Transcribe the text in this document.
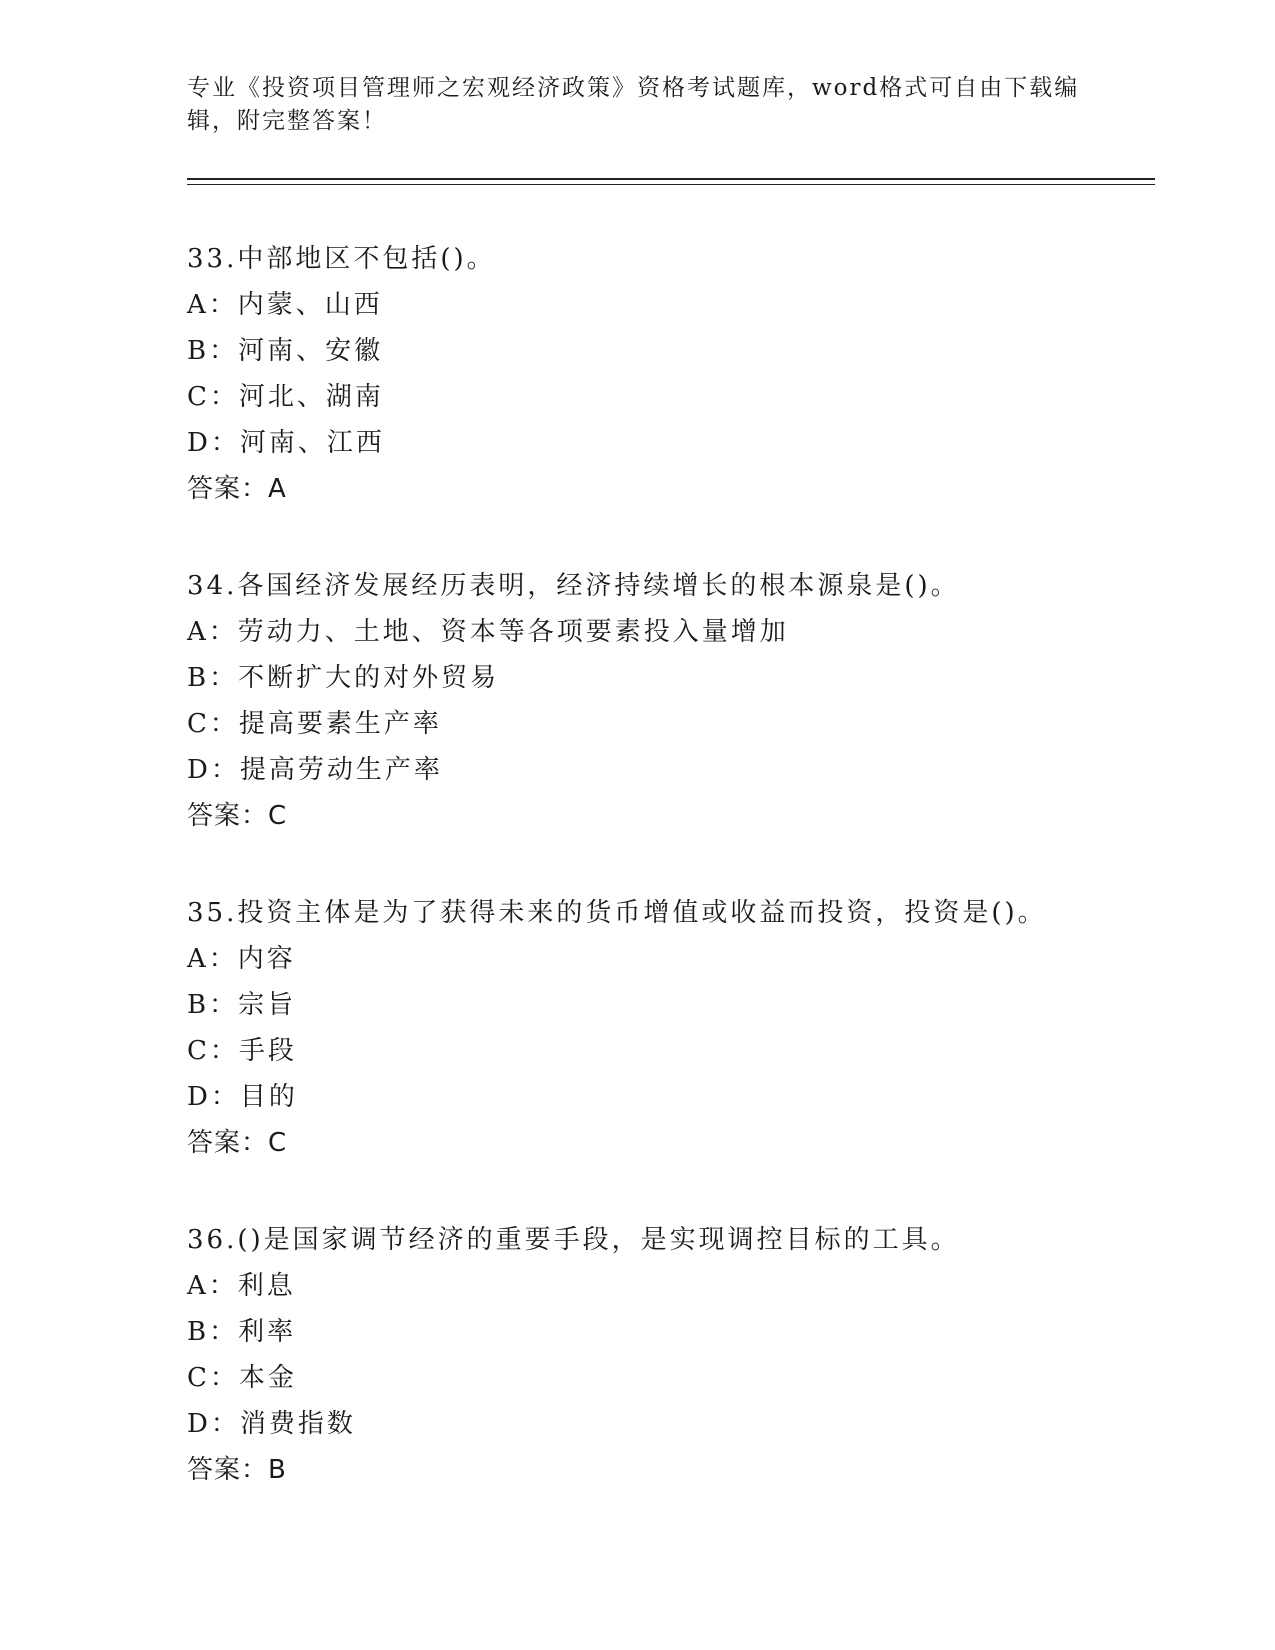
专业《投资项目管理师之宏观经济政策》资格考试题库，word格式可自由下载编辑，附完整答案！
33.中部地区不包括()。
A：内蒙、山西
B：河南、安徽
C：河北、湖南
D：河南、江西
答案：A
34.各国经济发展经历表明，经济持续增长的根本源泉是()。
A：劳动力、土地、资本等各项要素投入量增加
B：不断扩大的对外贸易
C：提高要素生产率
D：提高劳动生产率
答案：C
35.投资主体是为了获得未来的货币增值或收益而投资，投资是()。
A：内容
B：宗旨
C：手段
D：目的
答案：C
36.()是国家调节经济的重要手段，是实现调控目标的工具。
A：利息
B：利率
C：本金
D：消费指数
答案：B
